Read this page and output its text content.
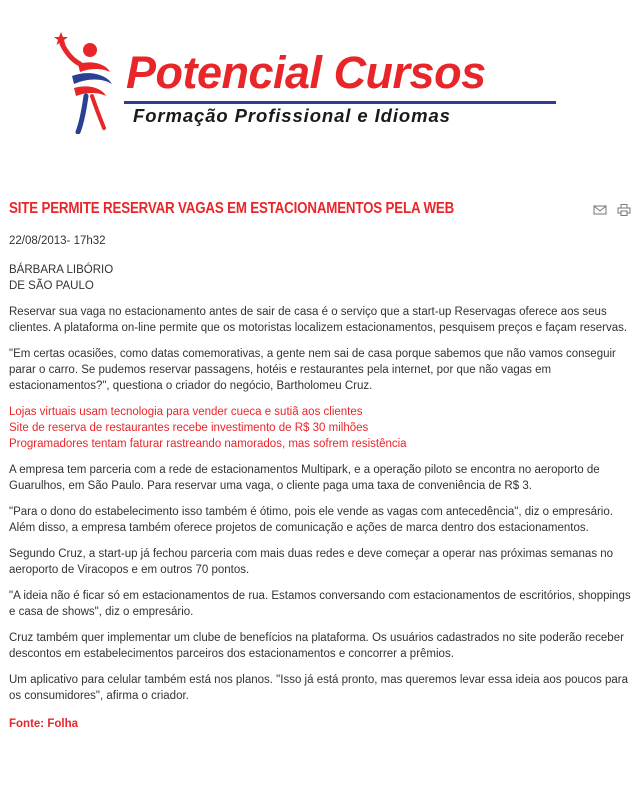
Potencial Cursos

Formação Profissional e Idiomas

SITE PERMITE RESERVAR VAGAS EM ESTACIONAMENTOS PELA WEB

22/08/2013- 17h32

BÁRBARA LIBÓRIO
DE SÃO PAULO

Reservar sua vaga no estacionamento antes de sair de casa é o serviço que a start-up Reservagas oferece aos seus clientes. A plataforma on-line permite que os motoristas localizem estacionamentos, pesquisem preços e façam reservas.

"Em certas ocasiões, como datas comemorativas, a gente nem sai de casa porque sabemos que não vamos conseguir parar o carro. Se pudemos reservar passagens, hotéis e restaurantes pela internet, por que não vagas em estacionamentos?", questiona o criador do negócio, Bartholomeu Cruz.

Lojas virtuais usam tecnologia para vender cueca e sutiã aos clientes
Site de reserva de restaurantes recebe investimento de R$ 30 milhões
Programadores tentam faturar rastreando namorados, mas sofrem resistência

A empresa tem parceria com a rede de estacionamentos Multipark, e a operação piloto se encontra no aeroporto de Guarulhos, em São Paulo. Para reservar uma vaga, o cliente paga uma taxa de conveniência de R$ 3.

"Para o dono do estabelecimento isso também é ótimo, pois ele vende as vagas com antecedência", diz o empresário. Além disso, a empresa também oferece projetos de comunicação e ações de marca dentro dos estacionamentos.

Segundo Cruz, a start-up já fechou parceria com mais duas redes e deve começar a operar nas próximas semanas no aeroporto de Viracopos e em outros 70 pontos.

"A ideia não é ficar só em estacionamentos de rua. Estamos conversando com estacionamentos de escritórios, shoppings e casa de shows", diz o empresário.

Cruz também quer implementar um clube de benefícios na plataforma. Os usuários cadastrados no site poderão receber descontos em estabelecimentos parceiros dos estacionamentos e concorrer a prêmios.

Um aplicativo para celular também está nos planos. "Isso já está pronto, mas queremos levar essa ideia aos poucos para os consumidores", afirma o criador.

Fonte: Folha
